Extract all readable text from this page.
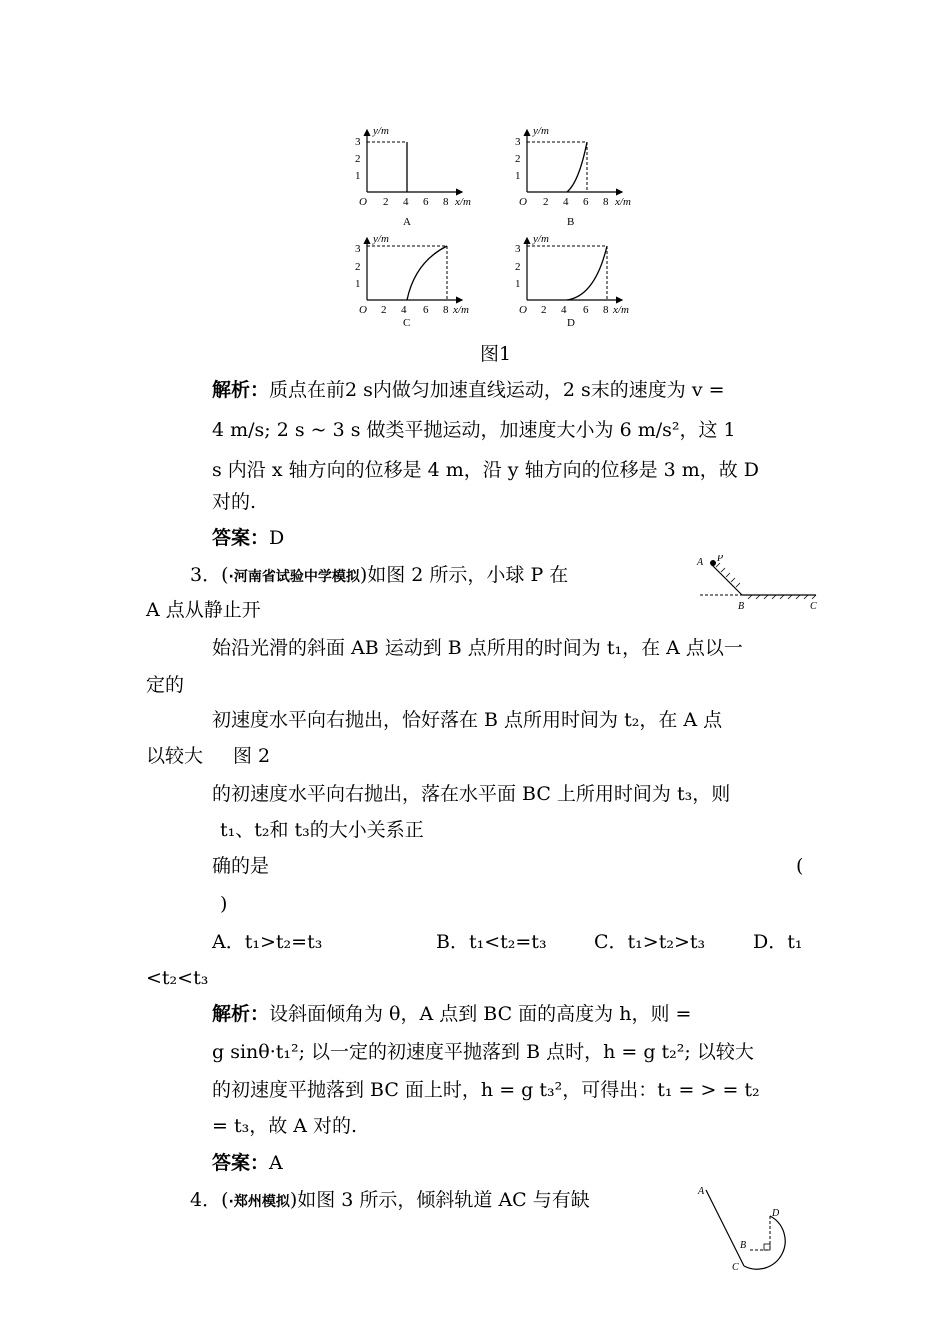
y/m
3
2
1
O 2 4 6 8 x/m
A
y/m
3
2
1
O 2 4 6 8 x/m
B
y/m
3
2
1
O 2 4 6 8 x/m
C
y/m
3
2
1
O 2 4 6 8 x/m
D
图1
解析：质点在前2 s内做匀加速直线运动，2 s末的速度为 v =
4 m/s; 2 s ~ 3 s 做类平抛运动，加速度大小为 6 m/s²，这 1
s 内沿 x 轴方向的位移是 4 m，沿 y 轴方向的位移是 3 m，故 D
对的.
答案：D
3．(·河南省试验中学模拟)如图 2 所示，小球 P 在
A 点从静止开
A P
B	C
始沿光滑的斜面 AB 运动到 B 点所用的时间为 t₁，在 A 点以一
定的
初速度水平向右抛出，恰好落在 B 点所用时间为 t₂，在 A 点
以较大 图 2
的初速度水平向右抛出，落在水平面 BC 上所用时间为 t₃，则
t₁、t₂和 t₃的大小关系正
确的是	(
)
A．t₁>t₂=t₃	B．t₁<t₂=t₃ C．t₁>t₂>t₃	D．t₁
<t₂<t₃
解析：设斜面倾角为 θ，A 点到 BC 面的高度为 h，则 =
g sinθ·t₁²; 以一定的初速度平抛落到 B 点时，h = g t₂²; 以较大
的初速度平抛落到 BC 面上时，h = g t₃²，可得出：t₁ = > = t₂
= t₃，故 A 对的.
答案：A
4．(·郑州模拟)如图 3 所示，倾斜轨道 AC 与有缺	A
B
C
D
